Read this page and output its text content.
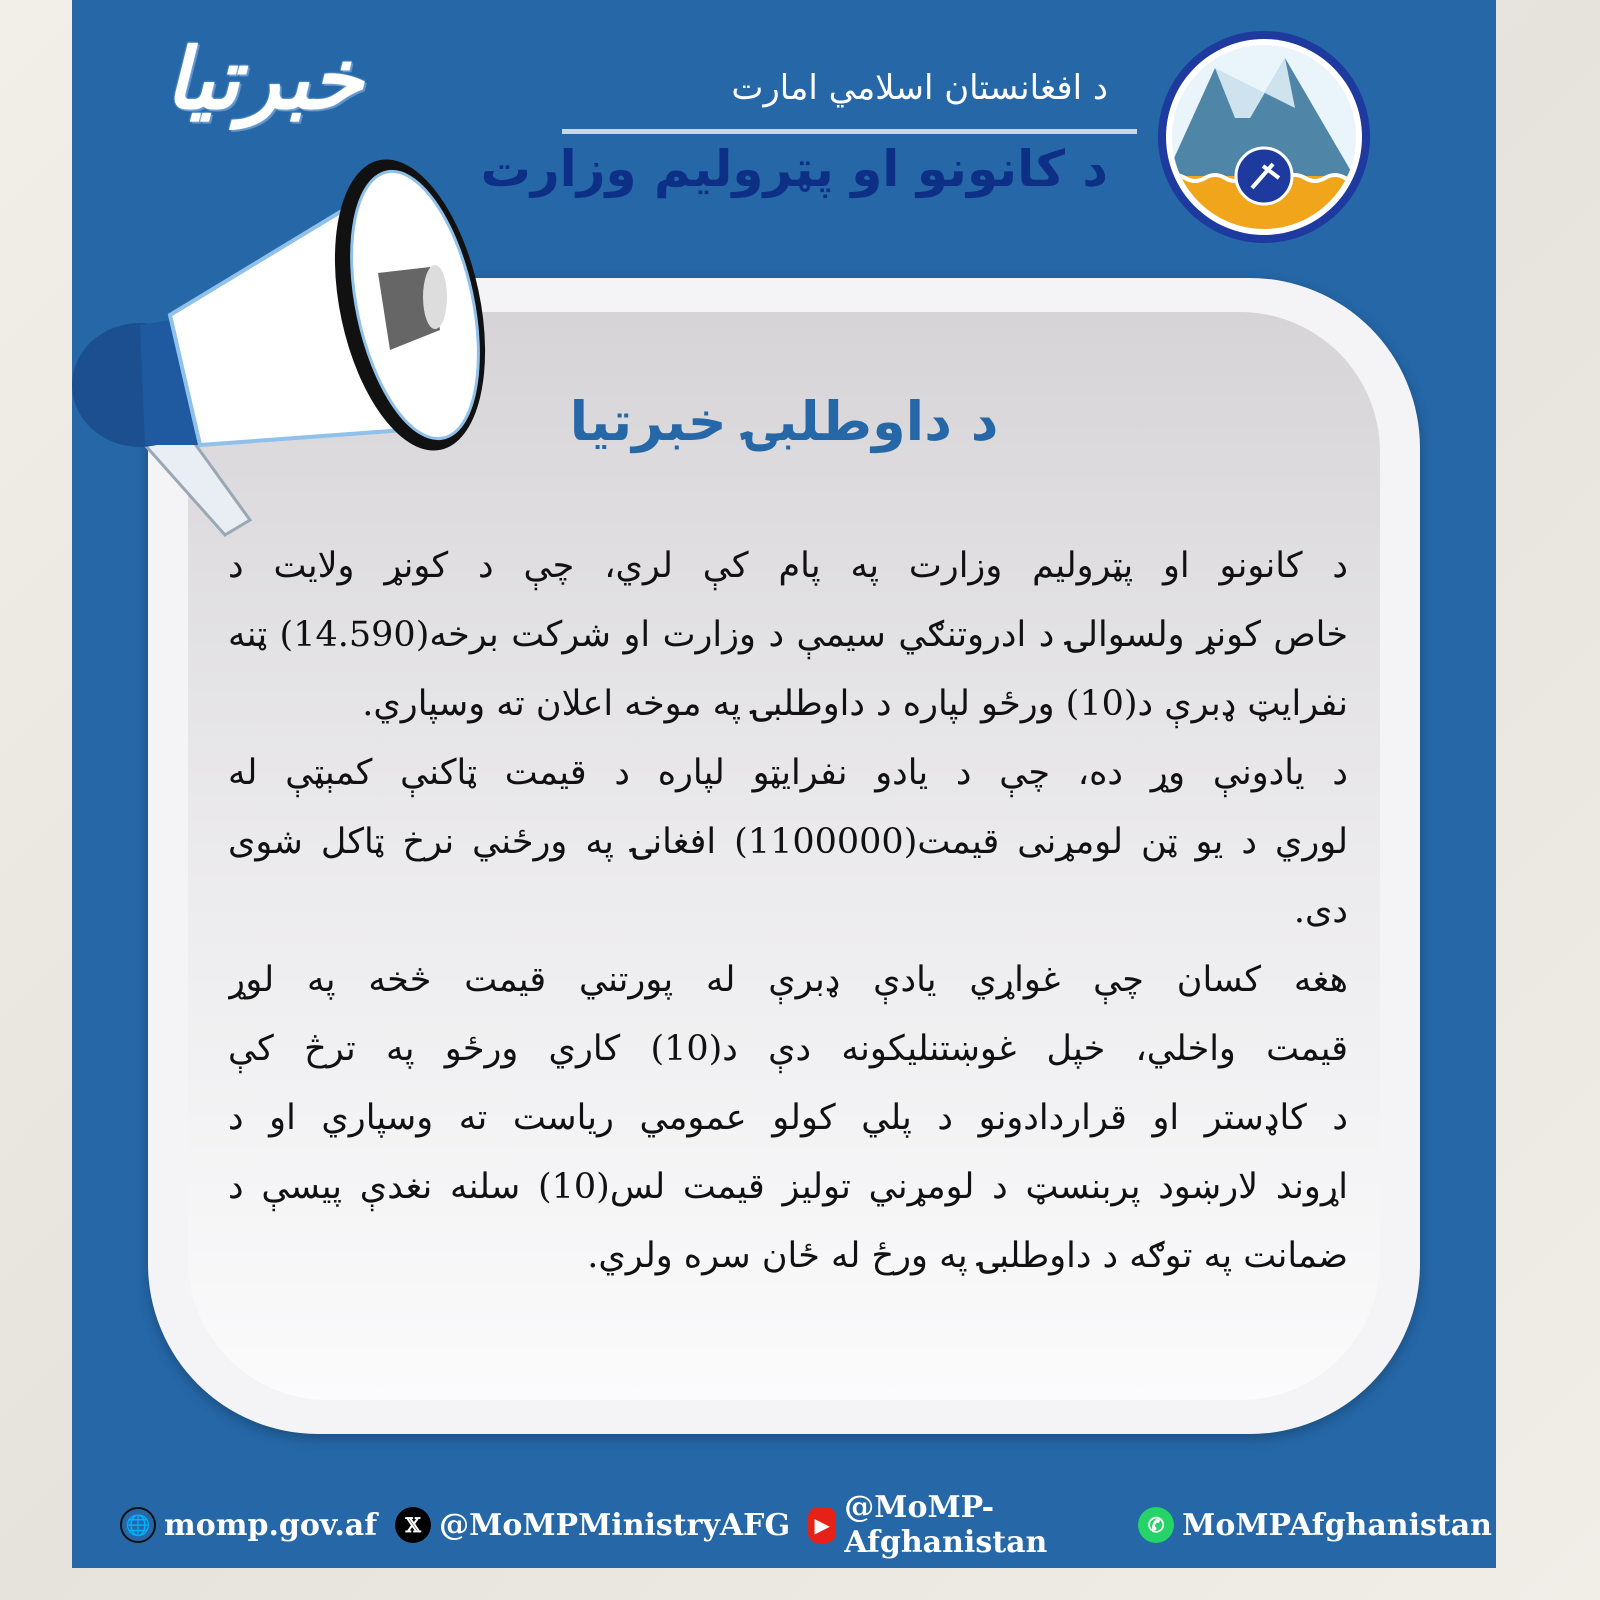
خبرتیا	د افغانستان اسلامي امارت
د کانونو او پټرولیم وزارت
د داوطلبۍ خبرتیا
د کانونو او پټرولیم وزارت په پام کې لري، چې د کونړ ولایت د
خاص کونړ ولسوالۍ د ادروتنګي سیمې د وزارت او شرکت برخه(14.590) ټنه
نفرایټ ډبرې د(10) ورځو لپاره د داوطلبۍ په موخه اعلان ته وسپاري.
د یادونې وړ ده، چې د یادو نفرایټو لپاره د قیمت ټاکنې کمېټې له
لوري د یو ټن لومړنی قیمت(1100000) افغانۍ په ورځني نرخ ټاکل شوی
دی.
هغه کسان چې غواړي یادې ډبرې له پورتني قیمت څخه په لوړ
قیمت واخلي، خپل غوښتنلیکونه دې د(10) کاري ورځو په ترڅ کې
د کاډستر او قراردادونو د پلي کولو عمومي ریاست ته وسپاري او د
اړوند لارښود پربنسټ د لومړني تولیز قیمت لس(10) سلنه نغدې پیسې د
ضمانت په توګه د داوطلبۍ په ورځ له ځان سره ولري.
🌐 momp.gov.af	𝕏 @MoMPMinistryAFG	▶ @MoMP-Afghanistan	✆ MoMPAfghanistan
